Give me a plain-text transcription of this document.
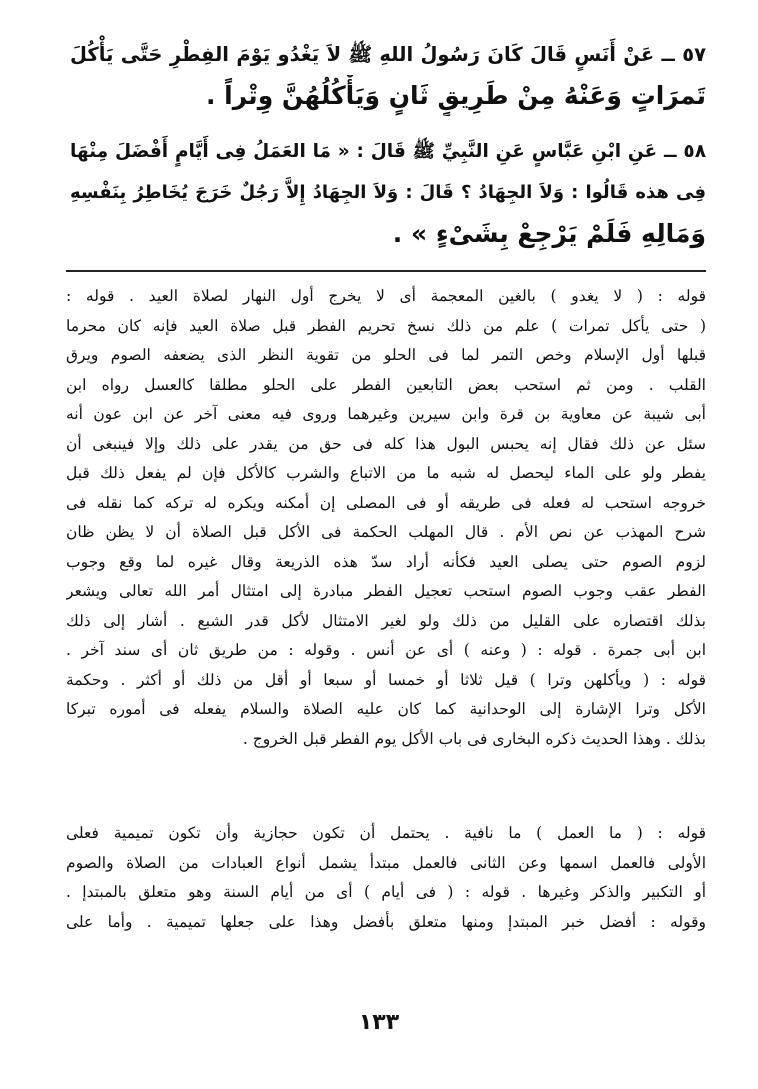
٥٧ ــ عَنْ أَنَسٍ قَالَ كَانَ رَسُولُ اللهِ ﷺ لاَ يَغْدُو يَوْمَ الفِطْرِ حَتَّى يَأْكُلَ
تَمرَاتٍ وَعَنْهُ مِنْ طَرِيقٍ ثَانٍ وَيَأْكُلُهُنَّ وِتْراً .
٥٨ ــ عَنِ ابْنِ عَبَّاسٍ عَنِ النَّبِيِّ ﷺ قَالَ : « مَا العَمَلُ فِى أَيَّامٍ أَفْضَلَ مِنْهَا
فِى هذه قَالُوا : وَلاَ الجِهَادُ ؟ قَالَ : وَلاَ الجِهَادُ إِلاَّ رَجُلٌ خَرَجَ يُخَاطِرُ بِنَفْسِهِ
وَمَالِهِ فَلَمْ يَرْجِعْ بِشَىْءٍ » .
قوله : ( لا يغدو ) بالغين المعجمة أى لا يخرج أول النهار لصلاة العيد . قوله :
( حتى يأكل تمرات ) علم من ذلك نسخ تحريم الفطر قبل صلاة العيد فإنه كان محرما
قبلها أول الإسلام وخص التمر لما فى الحلو من تقوية النظر الذى يضعفه الصوم ويرق
القلب . ومن ثم استحب بعض التابعين الفطر على الحلو مطلقا كالعسل رواه ابن
أبى شيبة عن معاوية بن قرة وابن سيرين وغيرهما وروى فيه معنى آخر عن ابن عون أنه
سئل عن ذلك فقال إنه يحبس البول هذا كله فى حق من يقدر على ذلك وإلا فينبغى أن
يفطر ولو على الماء ليحصل له شبه ما من الاتباع والشرب كالأكل فإن لم يفعل ذلك قبل
خروجه استحب له فعله فى طريقه أو فى المصلى إن أمكنه ويكره له تركه كما نقله فى
شرح المهذب عن نص الأم . قال المهلب الحكمة فى الأكل قبل الصلاة أن لا يظن ظان
لزوم الصوم حتى يصلى العيد فكأنه أراد سدّ هذه الذريعة وقال غيره لما وقع وجوب
الفطر عقب وجوب الصوم استحب تعجيل الفطر مبادرة إلى امتثال أمر الله تعالى ويشعر
بذلك اقتصاره على القليل من ذلك ولو لغير الامتثال لأكل قدر الشبع . أشار إلى ذلك
ابن أبى جمرة . قوله : ( وعنه ) أى عن أنس . وقوله : من طريق ثان أى سند آخر .
قوله : ( ويأكلهن وترا ) قيل ثلاثا أو خمسا أو سبعا أو أقل من ذلك أو أكثر . وحكمة
الأكل وترا الإشارة إلى الوحدانية كما كان عليه الصلاة والسلام يفعله فى أموره تبركا
بذلك . وهذا الحديث ذكره البخارى فى باب الأكل يوم الفطر قبل الخروج .
قوله : ( ما العمل ) ما نافية . يحتمل أن تكون حجازية وأن تكون تميمية فعلى
الأولى فالعمل اسمها وعن الثانى فالعمل مبتدأ يشمل أنواع العبادات من الصلاة والصوم
أو التكبير والذكر وغيرها . قوله : ( فى أيام ) أى من أيام السنة وهو متعلق بالمبتدإ .
وقوله : أفضل خبر المبتدإ ومنها متعلق بأفضل وهذا على جعلها تميمية . وأما على
١٣٣
